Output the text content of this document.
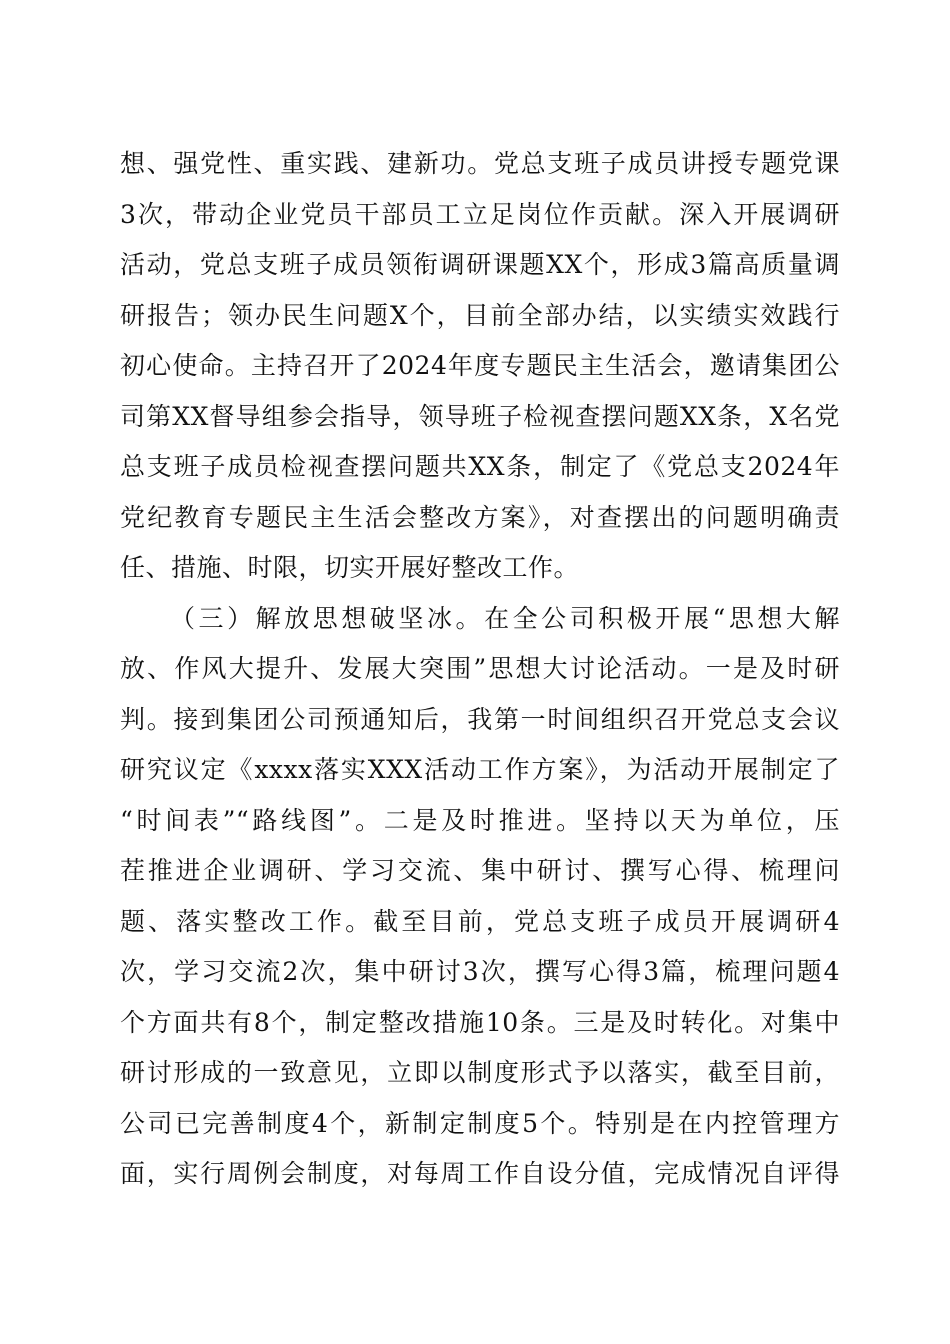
想、强党性、重实践、建新功。党总支班子成员讲授专题党课
3次，带动企业党员干部员工立足岗位作贡献。深入开展调研
活动，党总支班子成员领衔调研课题XX个，形成3篇高质量调
研报告；领办民生问题X个，目前全部办结，以实绩实效践行
初心使命。主持召开了2024年度专题民主生活会，邀请集团公
司第XX督导组参会指导，领导班子检视查摆问题XX条，X名党
总支班子成员检视查摆问题共XX条，制定了《党总支2024年
党纪教育专题民主生活会整改方案》，对查摆出的问题明确责
任、措施、时限，切实开展好整改工作。
（三）解放思想破坚冰。在全公司积极开展“思想大解
放、作风大提升、发展大突围”思想大讨论活动。一是及时研
判。接到集团公司预通知后，我第一时间组织召开党总支会议
研究议定《xxxx落实XXX活动工作方案》，为活动开展制定了
“时间表”“路线图”。二是及时推进。坚持以天为单位，压
茬推进企业调研、学习交流、集中研讨、撰写心得、梳理问
题、落实整改工作。截至目前，党总支班子成员开展调研4
次，学习交流2次，集中研讨3次，撰写心得3篇，梳理问题4
个方面共有8个，制定整改措施10条。三是及时转化。对集中
研讨形成的一致意见，立即以制度形式予以落实，截至目前，
公司已完善制度4个，新制定制度5个。特别是在内控管理方
面，实行周例会制度，对每周工作自设分值，完成情况自评得
